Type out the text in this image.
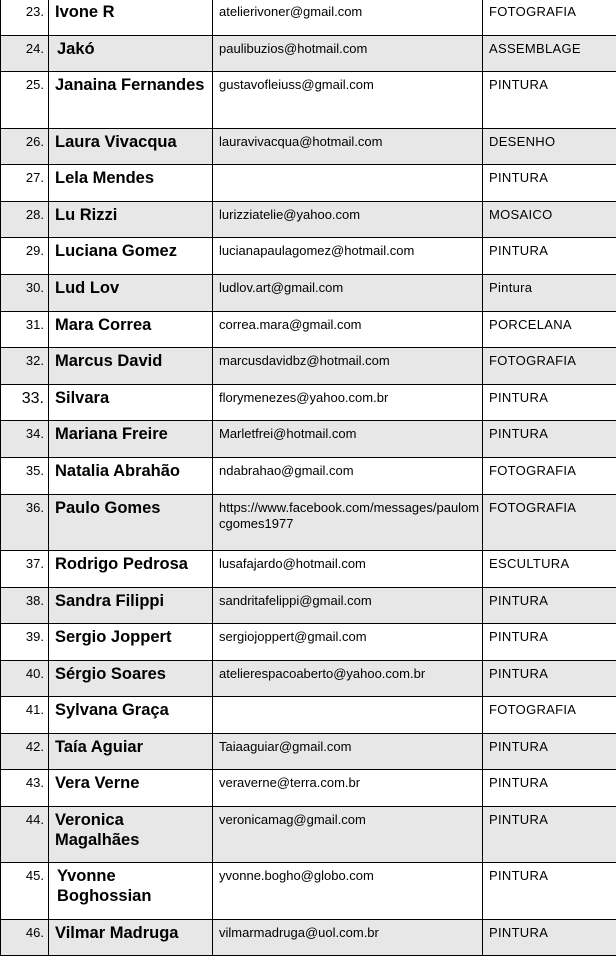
23.	Ivone R	atelierivoner@gmail.com	FOTOGRAFIA
24.	Jakó	paulibuzios@hotmail.com	ASSEMBLAGE
25.	Janaina Fernandes	gustavofleiuss@gmail.com	PINTURA
26.	Laura Vivacqua	lauravivacqua@hotmail.com	DESENHO
27.	Lela Mendes		PINTURA
28.	Lu Rizzi	lurizziatelie@yahoo.com	MOSAICO
29.	Luciana Gomez	lucianapaulagomez@hotmail.com	PINTURA
30.	Lud Lov	ludlov.art@gmail.com	Pintura
31.	Mara Correa	correa.mara@gmail.com	PORCELANA
32.	Marcus David	marcusdavidbz@hotmail.com	FOTOGRAFIA
33.	Silvara	florymenezes@yahoo.com.br	PINTURA
34.	Mariana Freire	Marletfrei@hotmail.com	PINTURA
35.	Natalia Abrahão	ndabrahao@gmail.com	FOTOGRAFIA
36.	Paulo Gomes	https://www.facebook.com/messages/paulomcgomes1977	FOTOGRAFIA
37.	Rodrigo Pedrosa	lusafajardo@hotmail.com	ESCULTURA
38.	Sandra Filippi	sandritafelippi@gmail.com	PINTURA
39.	Sergio Joppert	sergiojoppert@gmail.com	PINTURA
40.	Sérgio Soares	atelierespacoaberto@yahoo.com.br	PINTURA
41.	Sylvana Graça		FOTOGRAFIA
42.	Taía Aguiar	Taiaaguiar@gmail.com	PINTURA
43.	Vera Verne	veraverne@terra.com.br	PINTURA
44.	Veronica Magalhães	veronicamag@gmail.com	PINTURA
45.	Yvonne Boghossian	yvonne.bogho@globo.com	PINTURA
46.	Vilmar Madruga	vilmarmadruga@uol.com.br	PINTURA
